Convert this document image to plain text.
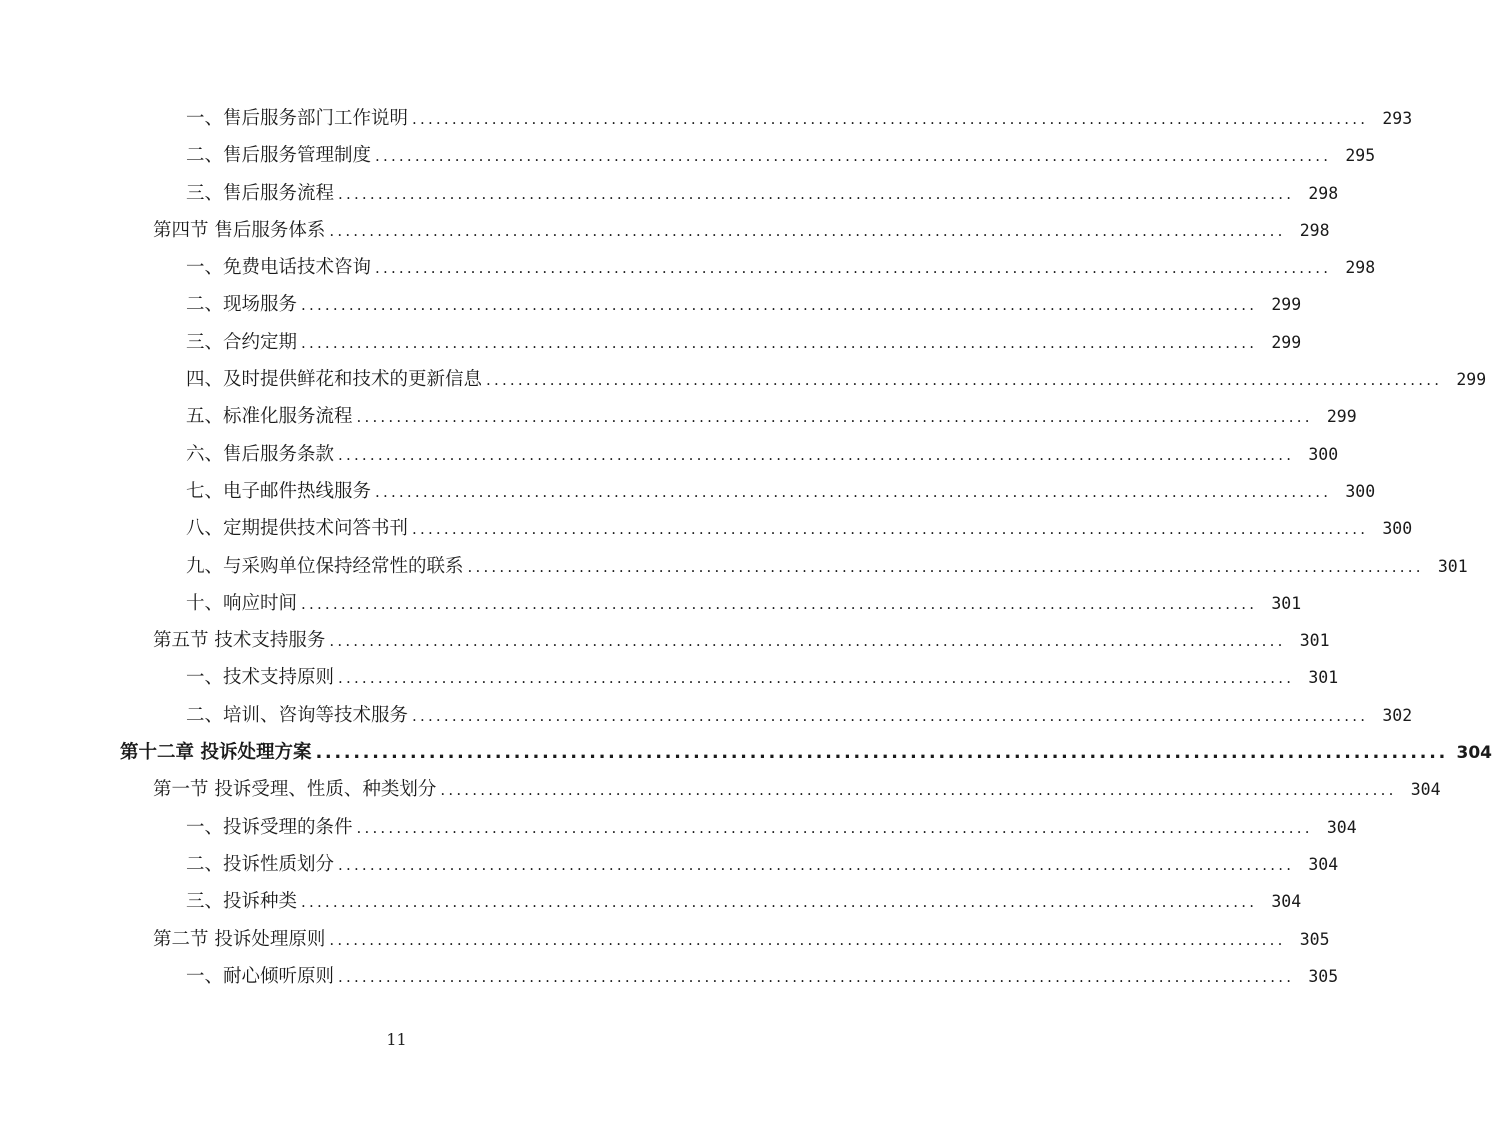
一、售后服务部门工作说明 ........................................................................................................................ 293
二、售后服务管理制度 ........................................................................................................................ 295
三、售后服务流程 ........................................................................................................................ 298
第四节 售后服务体系 ........................................................................................................................ 298
一、免费电话技术咨询 ........................................................................................................................ 298
二、现场服务 ........................................................................................................................ 299
三、合约定期 ........................................................................................................................ 299
四、及时提供鲜花和技术的更新信息 ........................................................................................................................ 299
五、标准化服务流程 ........................................................................................................................ 299
六、售后服务条款 ........................................................................................................................ 300
七、电子邮件热线服务 ........................................................................................................................ 300
八、定期提供技术问答书刊 ........................................................................................................................ 300
九、与采购单位保持经常性的联系 ........................................................................................................................ 301
十、响应时间 ........................................................................................................................ 301
第五节 技术支持服务 ........................................................................................................................ 301
一、技术支持原则 ........................................................................................................................ 301
二、培训、咨询等技术服务 ........................................................................................................................ 302
第十二章 投诉处理方案 ........................................................................................................................ 304
第一节 投诉受理、性质、种类划分 ........................................................................................................................ 304
一、投诉受理的条件 ........................................................................................................................ 304
二、投诉性质划分 ........................................................................................................................ 304
三、投诉种类 ........................................................................................................................ 304
第二节 投诉处理原则 ........................................................................................................................ 305
一、耐心倾听原则 ........................................................................................................................ 305
11
